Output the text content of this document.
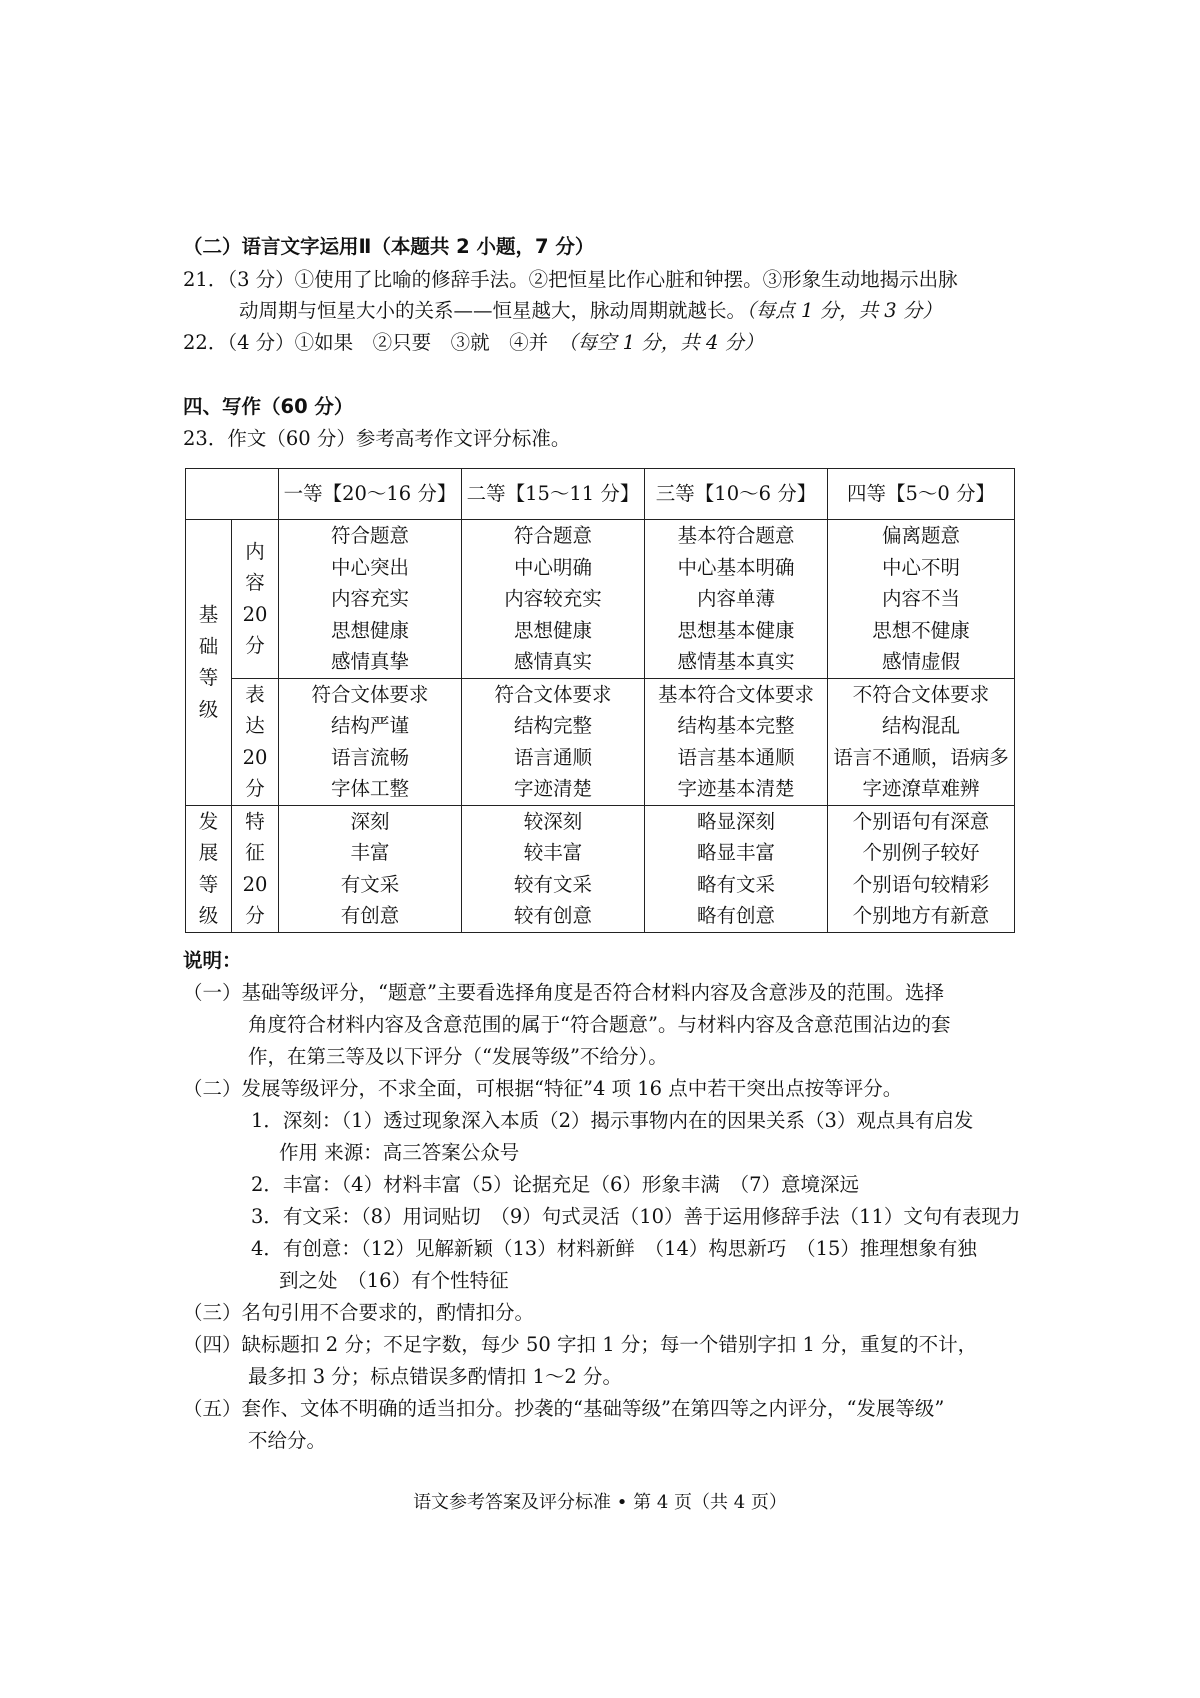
（二）语言文字运用Ⅱ（本题共 2 小题，7 分）
21．（3 分）①使用了比喻的修辞手法。②把恒星比作心脏和钟摆。③形象生动地揭示出脉
动周期与恒星大小的关系——恒星越大，脉动周期就越长。（每点 1 分，共 3 分）
22．（4 分）①如果　②只要　③就　④并　 （每空 1 分，共 4 分）
四、写作（60 分）
23．作文（60 分）参考高考作文评分标准。
		一等【20～16 分】	二等【15～11 分】	三等【10～6 分】	四等【5～0 分】

基
础
等
级	内
容
20
分	符合题意
中心突出
内容充实
思想健康
感情真挚	符合题意
中心明确
内容较充实
思想健康
感情真实	基本符合题意
中心基本明确
内容单薄
思想基本健康
感情基本真实	偏离题意
中心不明
内容不当
思想不健康
感情虚假

	表
达
20
分	符合文体要求
结构严谨
语言流畅
字体工整	符合文体要求
结构完整
语言通顺
字迹清楚	基本符合文体要求
结构基本完整
语言基本通顺
字迹基本清楚	不符合文体要求
结构混乱
语言不通顺，语病多
字迹潦草难辨

发
展
等
级	特
征
20
分	深刻
丰富
有文采
有创意	较深刻
较丰富
较有文采
较有创意	略显深刻
略显丰富
略有文采
略有创意	个别语句有深意
个别例子较好
个别语句较精彩
个别地方有新意
说明：
（一）基础等级评分，“题意”主要看选择角度是否符合材料内容及含意涉及的范围。选择
角度符合材料内容及含意范围的属于“符合题意”。与材料内容及含意范围沾边的套
作，在第三等及以下评分（“发展等级”不给分）。
（二）发展等级评分，不求全面，可根据“特征”4 项 16 点中若干突出点按等评分。
1．深刻：（1）透过现象深入本质（2）揭示事物内在的因果关系（3）观点具有启发
作用 来源：高三答案公众号
2．丰富：（4）材料丰富（5）论据充足（6）形象丰满　（7）意境深远
3．有文采：（8）用词贴切　（9）句式灵活（10）善于运用修辞手法（11）文句有表现力
4．有创意：（12）见解新颖（13）材料新鲜　（14）构思新巧　（15）推理想象有独
到之处　（16）有个性特征
（三）名句引用不合要求的，酌情扣分。
（四）缺标题扣 2 分；不足字数，每少 50 字扣 1 分；每一个错别字扣 1 分，重复的不计，
最多扣 3 分；标点错误多酌情扣 1～2 分。
（五）套作、文体不明确的适当扣分。抄袭的“基础等级”在第四等之内评分，“发展等级”
不给分。
语文参考答案及评分标准 • 第 4 页（共 4 页）
